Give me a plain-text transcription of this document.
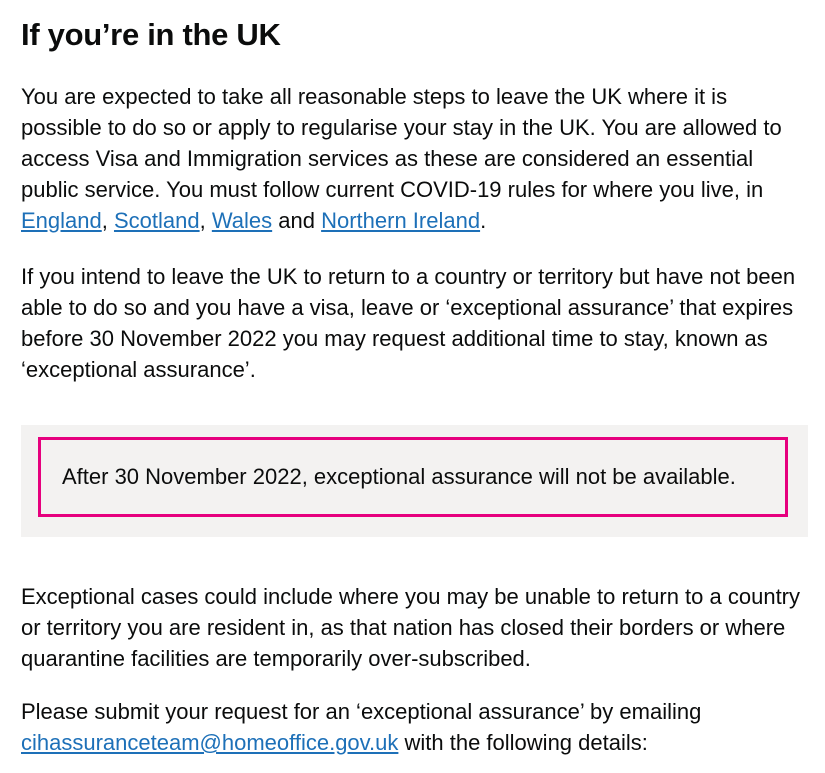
If you’re in the UK

You are expected to take all reasonable steps to leave the UK where it is possible to do so or apply to regularise your stay in the UK. You are allowed to access Visa and Immigration services as these are considered an essential public service. You must follow current COVID-19 rules for where you live, in England, Scotland, Wales and Northern Ireland.

If you intend to leave the UK to return to a country or territory but have not been able to do so and you have a visa, leave or ‘exceptional assurance’ that expires before 30 November 2022 you may request additional time to stay, known as ‘exceptional assurance’.

After 30 November 2022, exceptional assurance will not be available.

Exceptional cases could include where you may be unable to return to a country or territory you are resident in, as that nation has closed their borders or where quarantine facilities are temporarily over-subscribed.

Please submit your request for an ‘exceptional assurance’ by emailing cihassuranceteam@homeoffice.gov.uk with the following details:
